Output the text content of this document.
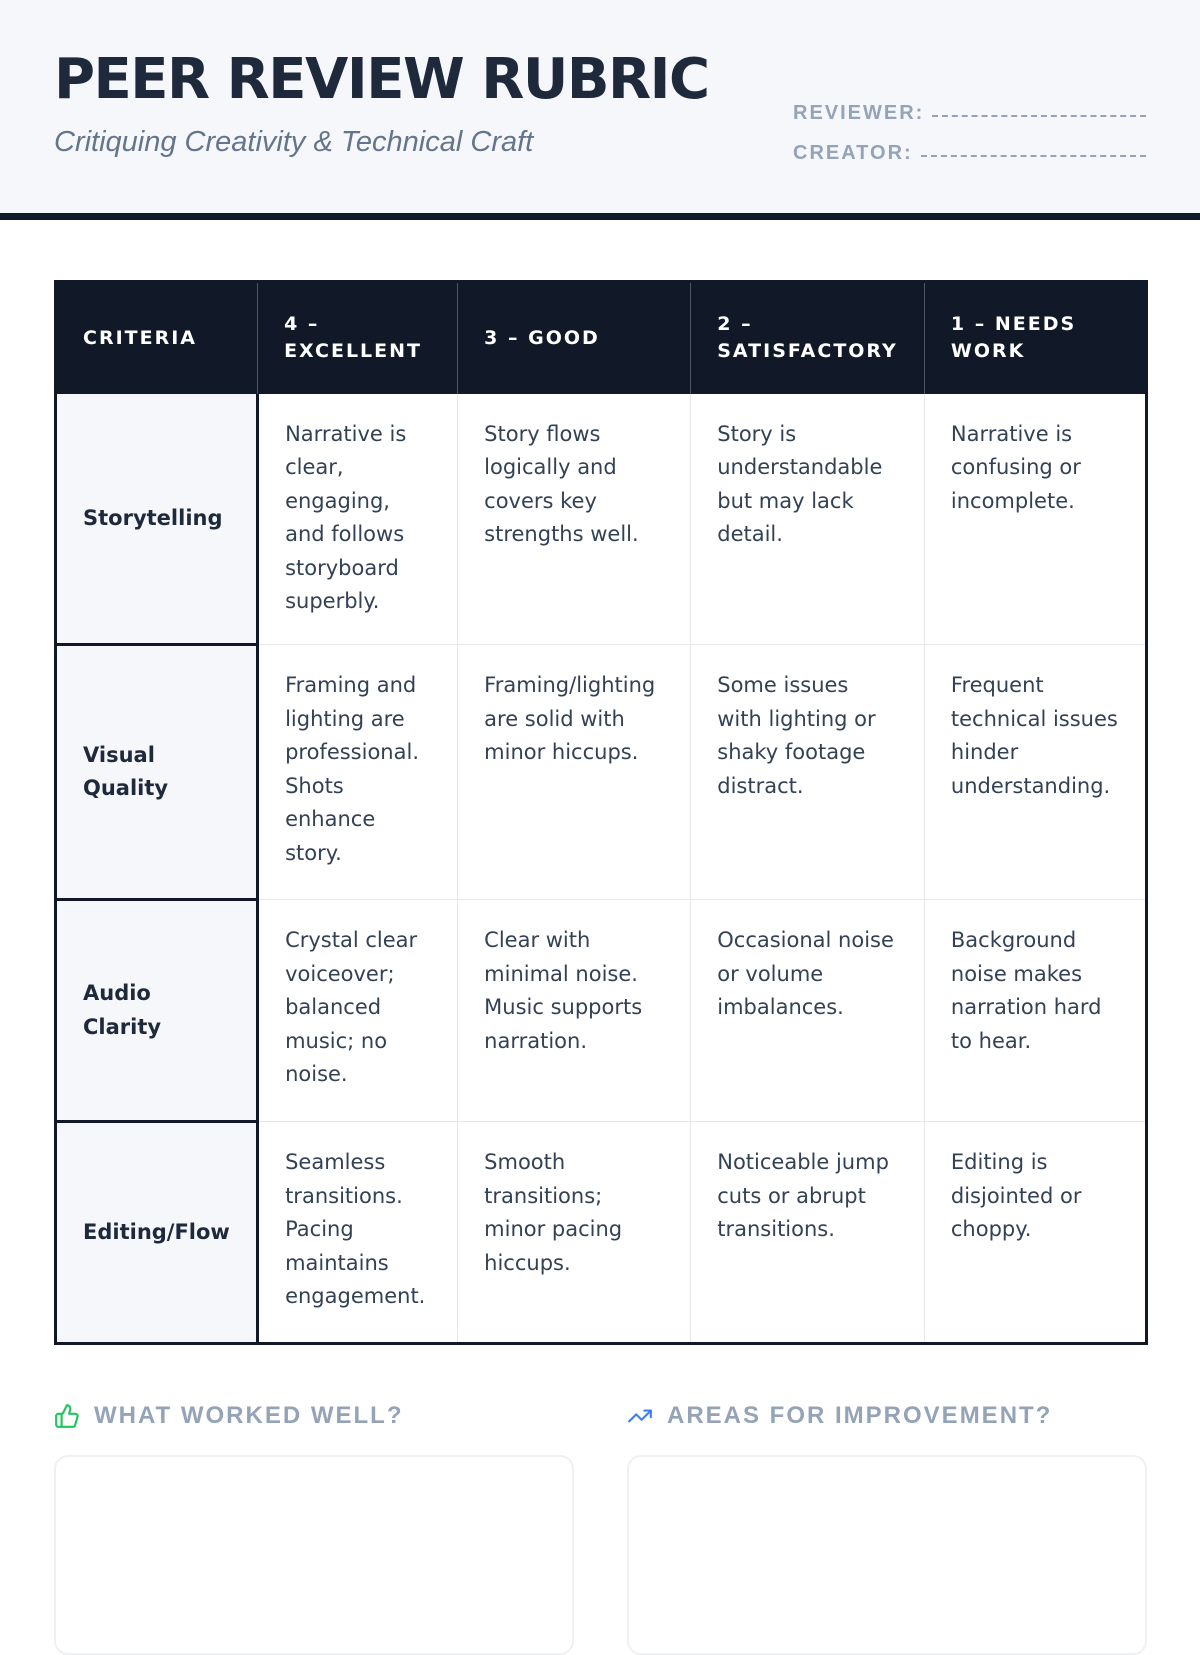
PEER REVIEW RUBRIC
Critiquing Creativity & Technical Craft
REVIEWER:
CREATOR:
CRITERIA	4 – EXCELLENT	3 – GOOD	2 – SATISFACTORY	1 – NEEDS WORK
Storytelling	Narrative is clear, engaging, and follows storyboard superbly.	Story flows logically and covers key strengths well.	Story is understandable but may lack detail.	Narrative is confusing or incomplete.
Visual Quality	Framing and lighting are professional. Shots enhance story.	Framing/lighting are solid with minor hiccups.	Some issues with lighting or shaky footage distract.	Frequent technical issues hinder understanding.
Audio Clarity	Crystal clear voiceover; balanced music; no noise.	Clear with minimal noise. Music supports narration.	Occasional noise or volume imbalances.	Background noise makes narration hard to hear.
Editing/Flow	Seamless transitions. Pacing maintains engagement.	Smooth transitions; minor pacing hiccups.	Noticeable jump cuts or abrupt transitions.	Editing is disjointed or choppy.
WHAT WORKED WELL?	AREAS FOR IMPROVEMENT?
